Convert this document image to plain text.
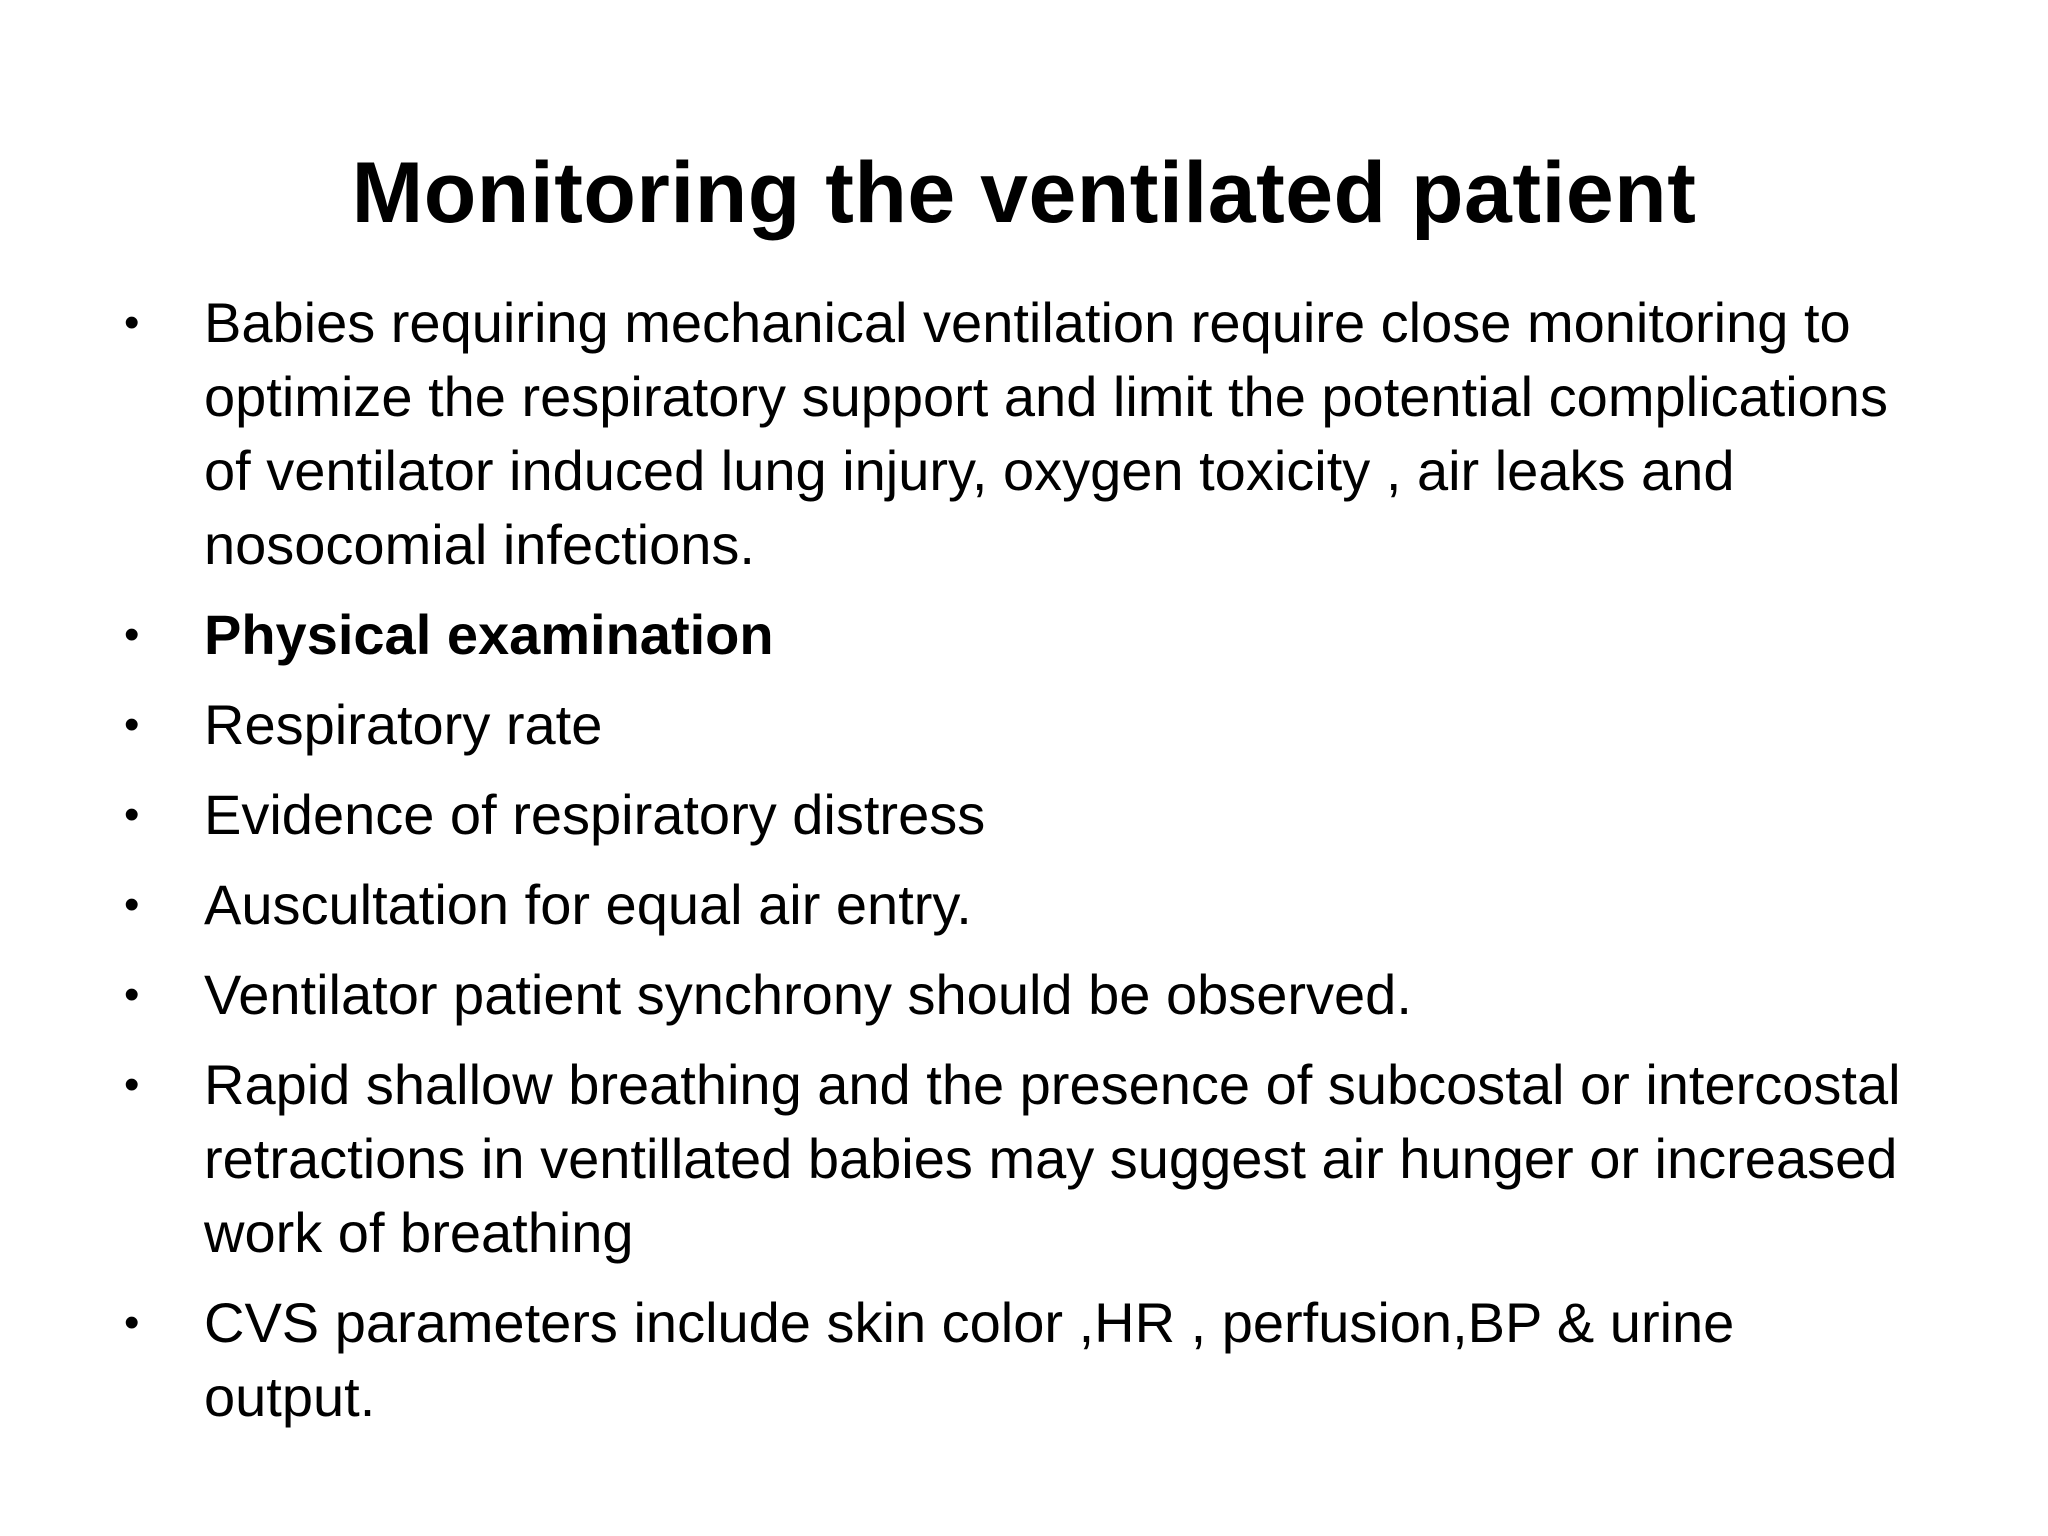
Monitoring the ventilated patient
• Babies requiring mechanical ventilation require close monitoring to optimize the respiratory support and limit the potential complications of ventilator induced lung injury, oxygen toxicity , air leaks and nosocomial infections.
• Physical examination
• Respiratory rate
• Evidence of respiratory distress
• Auscultation for equal air entry.
• Ventilator patient synchrony should be observed.
• Rapid shallow breathing and the presence of subcostal or intercostal retractions in ventillated babies may suggest air hunger or increased work of breathing
• CVS parameters include skin color ,HR , perfusion,BP & urine output.
